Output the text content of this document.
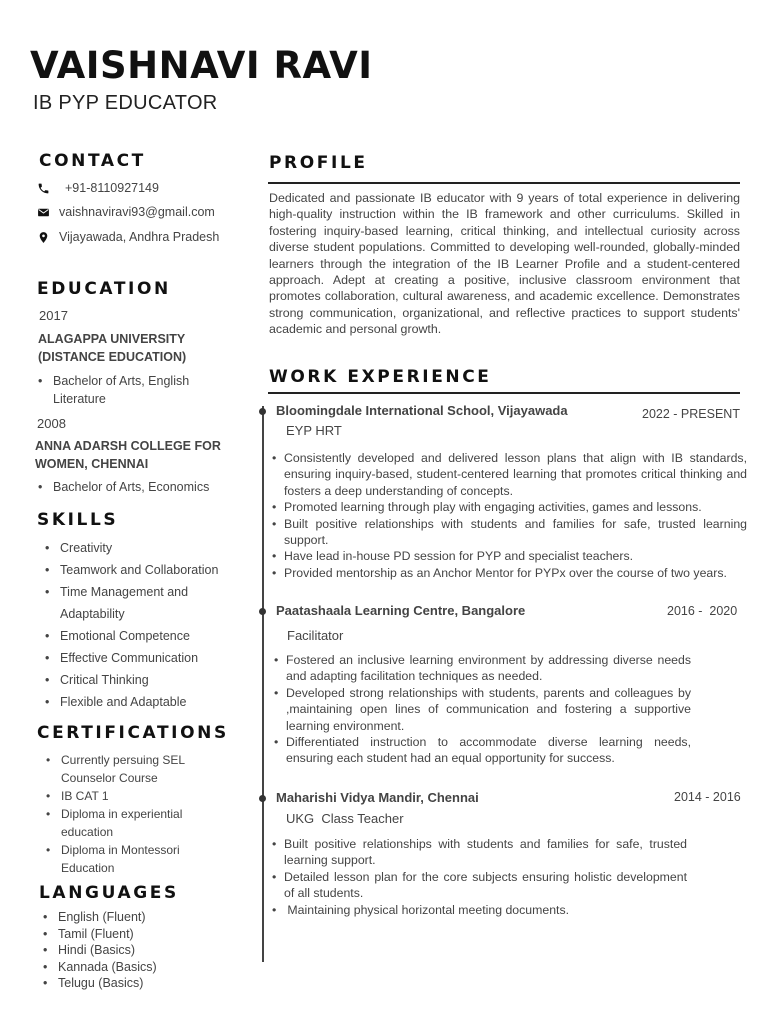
VAISHNAVI RAVI
IB PYP EDUCATOR
CONTACT
+91-8110927149
vaishnaviravi93@gmail.com
Vijayawada, Andhra Pradesh
EDUCATION
2017
ALAGAPPA UNIVERSITY
(DISTANCE EDUCATION)
• Bachelor of Arts, English Literature
2008
ANNA ADARSH COLLEGE FOR
WOMEN, CHENNAI
• Bachelor of Arts, Economics
SKILLS
• Creativity
• Teamwork and Collaboration
• Time Management and Adaptability
• Emotional Competence
• Effective Communication
• Critical Thinking
• Flexible and Adaptable
CERTIFICATIONS
• Currently persuing SEL Counselor Course
• IB CAT 1
• Diploma in experiential education
• Diploma in Montessori Education
LANGUAGES
• English (Fluent)
• Tamil (Fluent)
• Hindi (Basics)
• Kannada (Basics)
• Telugu (Basics)
PROFILE
Dedicated and passionate IB educator with 9 years of total experience in delivering high-quality instruction within the IB framework and other curriculums. Skilled in fostering inquiry-based learning, critical thinking, and intellectual curiosity across diverse student populations. Committed to developing well-rounded, globally-minded learners through the integration of the IB Learner Profile and a student-centered approach. Adept at creating a positive, inclusive classroom environment that promotes collaboration, cultural awareness, and academic excellence. Demonstrates strong communication, organizational, and reflective practices to support students' academic and personal growth.
WORK EXPERIENCE
Bloomingdale International School, Vijayawada	2022 - PRESENT
EYP HRT
• Consistently developed and delivered lesson plans that align with IB standards, ensuring inquiry-based, student-centered learning that promotes critical thinking and fosters a deep understanding of concepts.
• Promoted learning through play with engaging activities, games and lessons.
• Built positive relationships with students and families for safe, trusted learning support.
• Have lead in-house PD session for PYP and specialist teachers.
• Provided mentorship as an Anchor Mentor for PYPx over the course of two years.
Paatashaala Learning Centre, Bangalore	2016 -  2020
Facilitator
• Fostered an inclusive learning environment by addressing diverse needs and adapting facilitation techniques as needed.
• Developed strong relationships with students, parents and colleagues by ,maintaining open lines of communication and fostering a supportive learning environment.
• Differentiated instruction to accommodate diverse learning needs, ensuring each student had an equal opportunity for success.
Maharishi Vidya Mandir, Chennai	2014 - 2016
UKG  Class Teacher
• Built positive relationships with students and families for safe, trusted learning support.
• Detailed lesson plan for the core subjects ensuring holistic development of all students.
•  Maintaining physical horizontal meeting documents.
